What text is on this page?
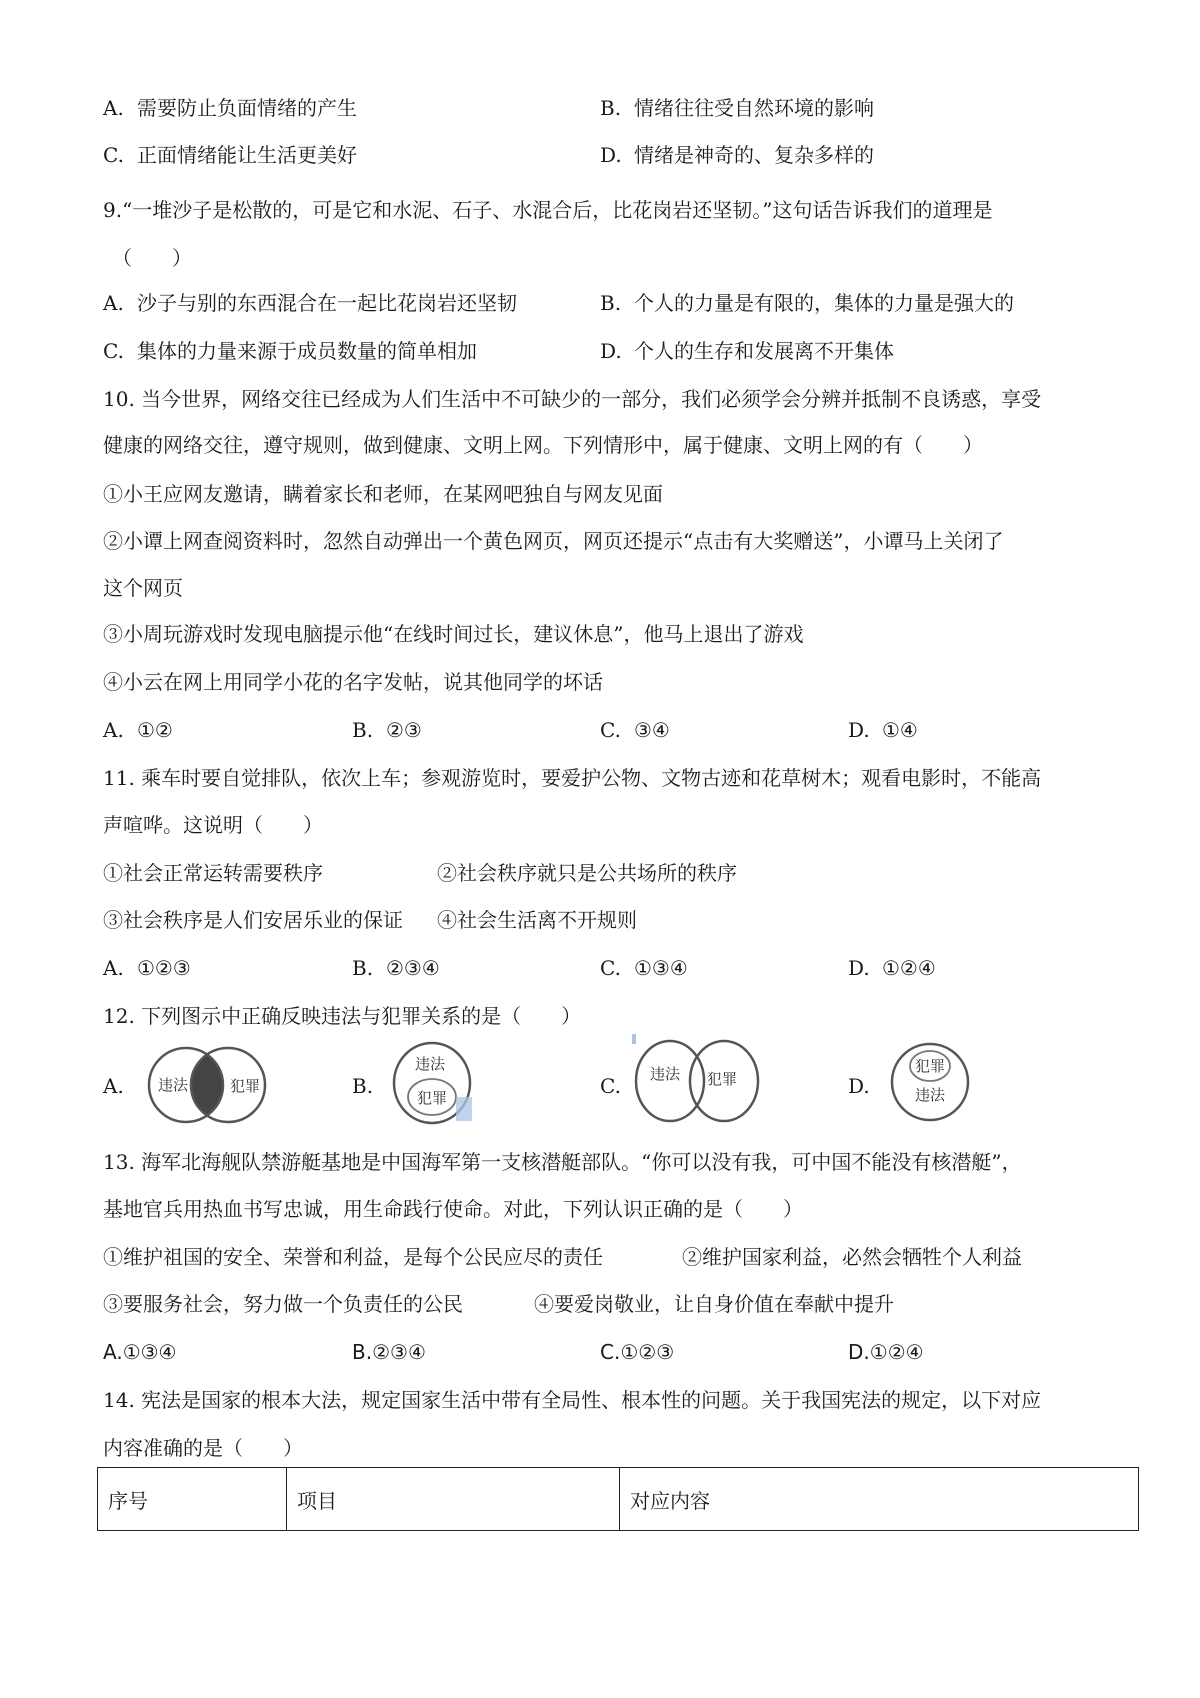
A. 需要防止负面情绪的产生	B. 情绪往往受自然环境的影响
C. 正面情绪能让生活更美好	D. 情绪是神奇的、复杂多样的
9.“一堆沙子是松散的，可是它和水泥、石子、水混合后，比花岗岩还坚韧。”这句话告诉我们的道理是
（　　）
A. 沙子与别的东西混合在一起比花岗岩还坚韧	B. 个人的力量是有限的，集体的力量是强大的
C. 集体的力量来源于成员数量的简单相加	D. 个人的生存和发展离不开集体
10. 当今世界，网络交往已经成为人们生活中不可缺少的一部分，我们必须学会分辨并抵制不良诱惑，享受
健康的网络交往，遵守规则，做到健康、文明上网。下列情形中，属于健康、文明上网的有（　　）
①小王应网友邀请，瞒着家长和老师，在某网吧独自与网友见面
②小谭上网查阅资料时，忽然自动弹出一个黄色网页，网页还提示“点击有大奖赠送”，小谭马上关闭了
这个网页
③小周玩游戏时发现电脑提示他“在线时间过长，建议休息”，他马上退出了游戏
④小云在网上用同学小花的名字发帖，说其他同学的坏话
A. ①②	B. ②③	C. ③④	D. ①④
11. 乘车时要自觉排队，依次上车；参观游览时，要爱护公物、文物古迹和花草树木；观看电影时，不能高
声喧哗。这说明（　　）
①社会正常运转需要秩序	②社会秩序就只是公共场所的秩序
③社会秩序是人们安居乐业的保证 ④社会生活离不开规则
A. ①②③	B. ②③④	C. ①③④	D. ①②④
12. 下列图示中正确反映违法与犯罪关系的是（　　）
A. 违法	犯罪	B.
违法
犯罪	C. 违法 犯罪	D.
犯罪
违法
13. 海军北海舰队禁游艇基地是中国海军第一支核潜艇部队。“你可以没有我，可中国不能没有核潜艇”，
基地官兵用热血书写忠诚，用生命践行使命。对此，下列认识正确的是（　　）
①维护祖国的安全、荣誉和利益，是每个公民应尽的责任	②维护国家利益，必然会牺牲个人利益
③要服务社会，努力做一个负责任的公民	④要爱岗敬业，让自身价值在奉献中提升
A.①③④	B.②③④	C.①②③	D.①②④
14. 宪法是国家的根本大法，规定国家生活中带有全局性、根本性的问题。关于我国宪法的规定，以下对应
内容准确的是（　　）
序号	项目	对应内容
